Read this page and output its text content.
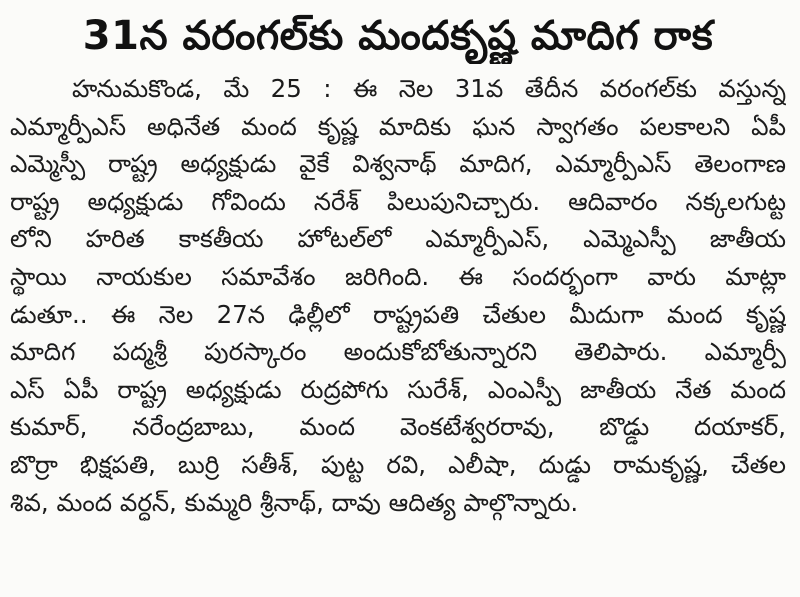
31న వరంగల్‌కు మందకృష్ణ మాదిగ రాక
హనుమకొండ, మే 25 : ఈ నెల 31వ తేదీన వరంగల్‌కు వస్తున్న
ఎమ్మార్పీఎస్ అధినేత మంద కృష్ణ మాదికు ఘన స్వాగతం పలకాలని ఏపీ
ఎమ్మెస్పీ రాష్ట్ర అధ్యక్షుడు వైకే విశ్వనాథ్ మాదిగ, ఎమ్మార్పీఎస్ తెలంగాణ
రాష్ట్ర అధ్యక్షుడు గోవిందు నరేశ్ పిలుపునిచ్చారు. ఆదివారం నక్కలగుట్ట
లోని హరిత కాకతీయ హోటల్‌లో ఎమ్మార్పీఎస్, ఎమ్మెఎస్పీ జాతీయ
స్థాయి నాయకుల సమావేశం జరిగింది. ఈ సందర్భంగా వారు మాట్లా
డుతూ.. ఈ నెల 27న ఢిల్లీలో రాష్ట్రపతి చేతుల మీదుగా మంద కృష్ణ
మాదిగ పద్మశ్రీ పురస్కారం అందుకోబోతున్నారని తెలిపారు. ఎమ్మార్పీ
ఎస్ ఏపీ రాష్ట్ర అధ్యక్షుడు రుద్రపోగు సురేశ్, ఎంఎస్పీ జాతీయ నేత మంద
కుమార్, నరేంద్రబాబు, మంద వెంకటేశ్వరరావు, బొడ్డు దయాకర్,
బొర్రా భిక్షపతి, బుర్రి సతీశ్, పుట్ట రవి, ఎలీషా, దుడ్డు రామకృష్ణ, చేతల
శివ, మంద వర్ధన్, కుమ్మరి శ్రీనాథ్, దావు ఆదిత్య పాల్గొన్నారు.
